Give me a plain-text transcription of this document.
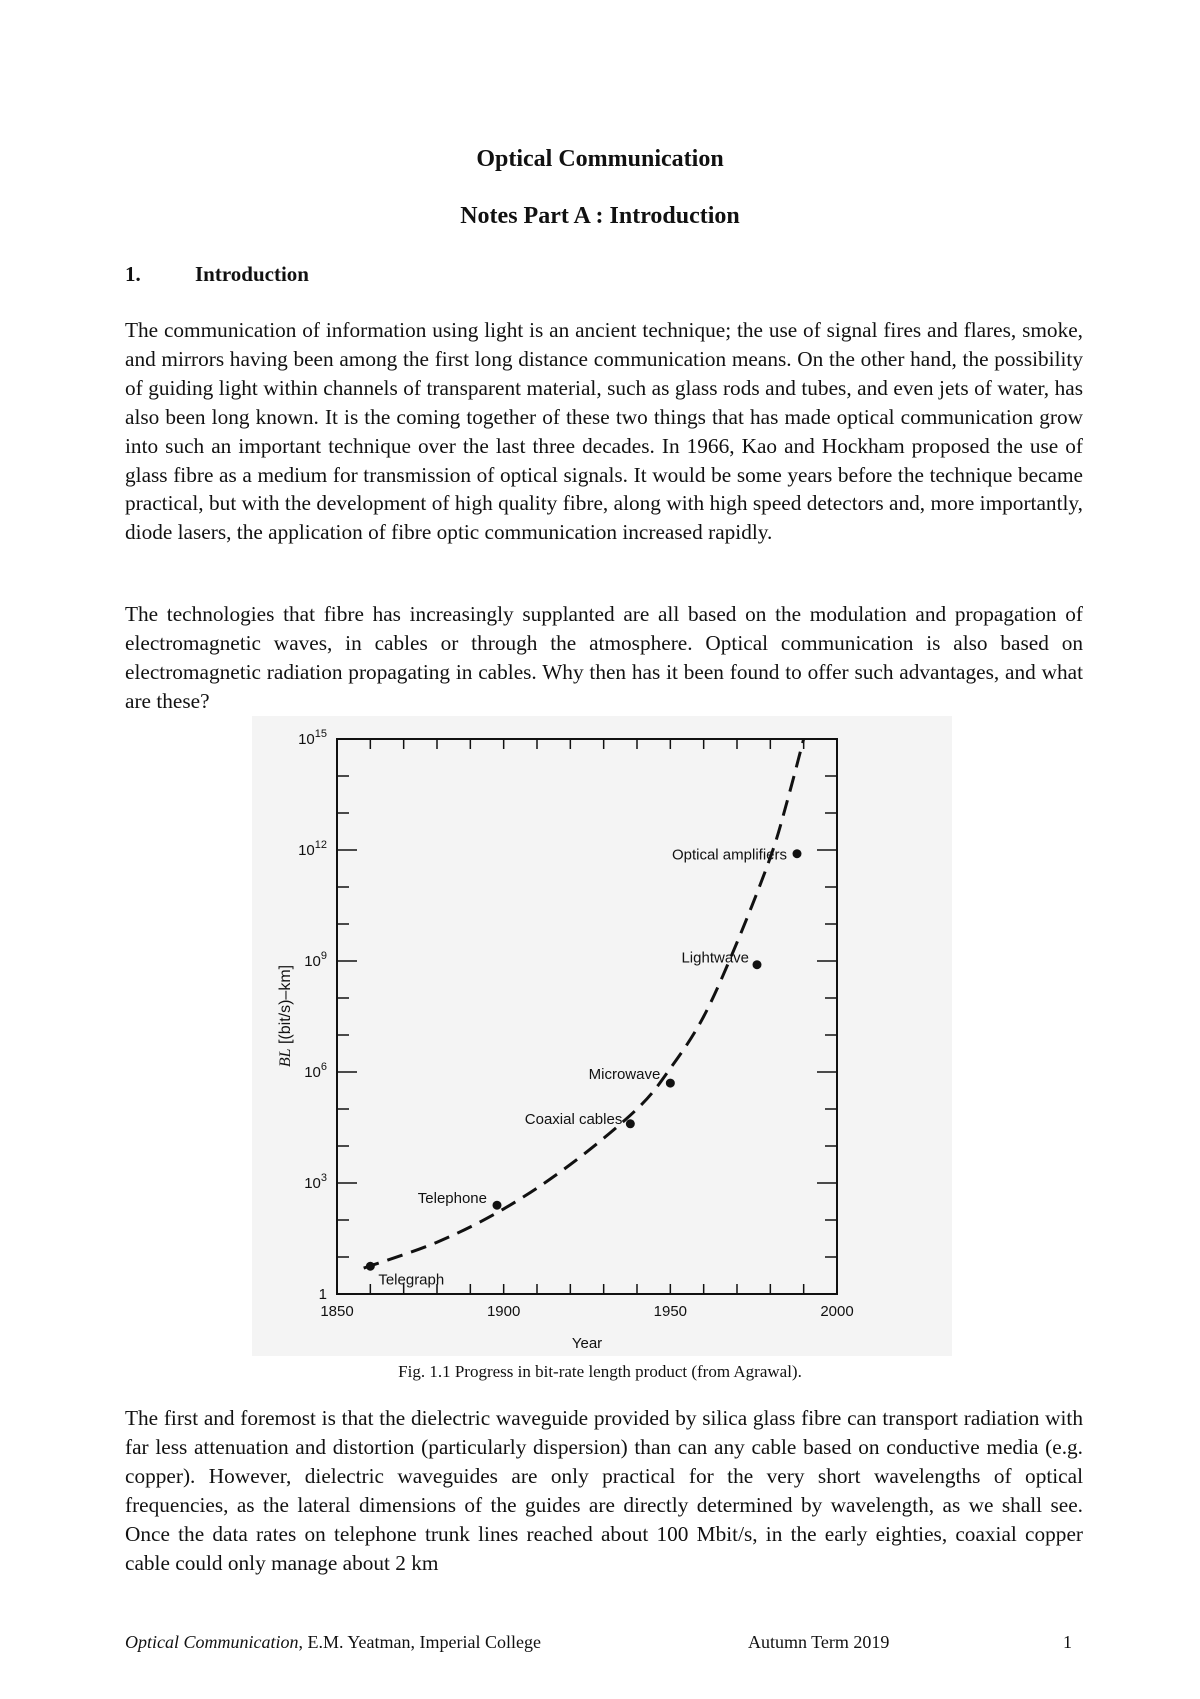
Optical Communication
Notes Part A : Introduction
1.	Introduction

The communication of information using light is an ancient technique; the use of signal fires and flares, smoke, and mirrors having been among the first long distance communication means. On the other hand, the possibility of guiding light within channels of transparent material, such as glass rods and tubes, and even jets of water, has also been long known. It is the coming together of these two things that has made optical communication grow into such an important technique over the last three decades. In 1966, Kao and Hockham proposed the use of glass fibre as a medium for transmission of optical signals. It would be some years before the technique became practical, but with the development of high quality fibre, along with high speed detectors and, more importantly, diode lasers, the application of fibre optic communication increased rapidly.

The technologies that fibre has increasingly supplanted are all based on the modulation and propagation of electromagnetic waves, in cables or through the atmosphere. Optical communication is also based on electromagnetic radiation propagating in cables. Why then has it been found to offer such advantages, and what are these?

1850	1900	1950	2000
1
$10^3$
$10^6$
$10^9$
$10^{12}$
$10^{15}$
Telegraph
Telephone
Coaxial cables
Microwave
Lightwave
Optical amplifiers
Year
BL [(bit/s)–km]
Fig. 1.1 Progress in bit-rate length product (from Agrawal).

The first and foremost is that the dielectric waveguide provided by silica glass fibre can transport radiation with far less attenuation and distortion (particularly dispersion) than can any cable based on conductive media (e.g. copper). However, dielectric waveguides are only practical for the very short wavelengths of optical frequencies, as the lateral dimensions of the guides are directly determined by wavelength, as we shall see. Once the data rates on telephone trunk lines reached about 100 Mbit/s, in the early eighties, coaxial copper cable could only manage about 2 km

Optical Communication, E.M. Yeatman, Imperial College	Autumn Term 2019	1
